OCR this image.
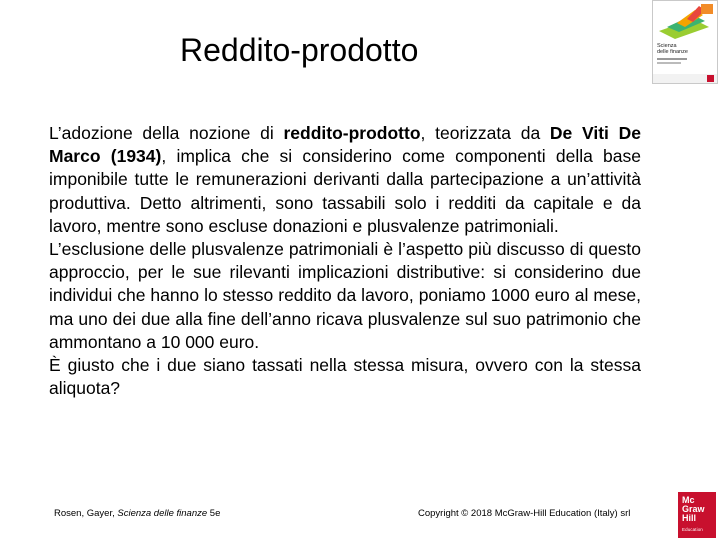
Reddito-prodotto	Scienza
delle finanze

L’adozione della nozione di reddito-prodotto, teorizzata da De Viti De Marco (1934), implica che si considerino come componenti della base imponibile tutte le remunerazioni derivanti dalla partecipazione a un’attività produttiva. Detto altrimenti, sono tassabili solo i redditi da capitale e da lavoro, mentre sono escluse donazioni e plusvalenze patrimoniali.

L’esclusione delle plusvalenze patrimoniali è l’aspetto più discusso di questo approccio, per le sue rilevanti implicazioni distributive: si considerino due individui che hanno lo stesso reddito da lavoro, poniamo 1000 euro al mese, ma uno dei due alla fine dell’anno ricava plusvalenze sul suo patrimonio che ammontano a 10 000 euro.

È giusto che i due siano tassati nella stessa misura, ovvero con la stessa aliquota?

Rosen, Gayer, Scienza delle finanze 5e	Copyright © 2018 McGraw-Hill Education (Italy) srl
Mc
Graw
Hill
Education
